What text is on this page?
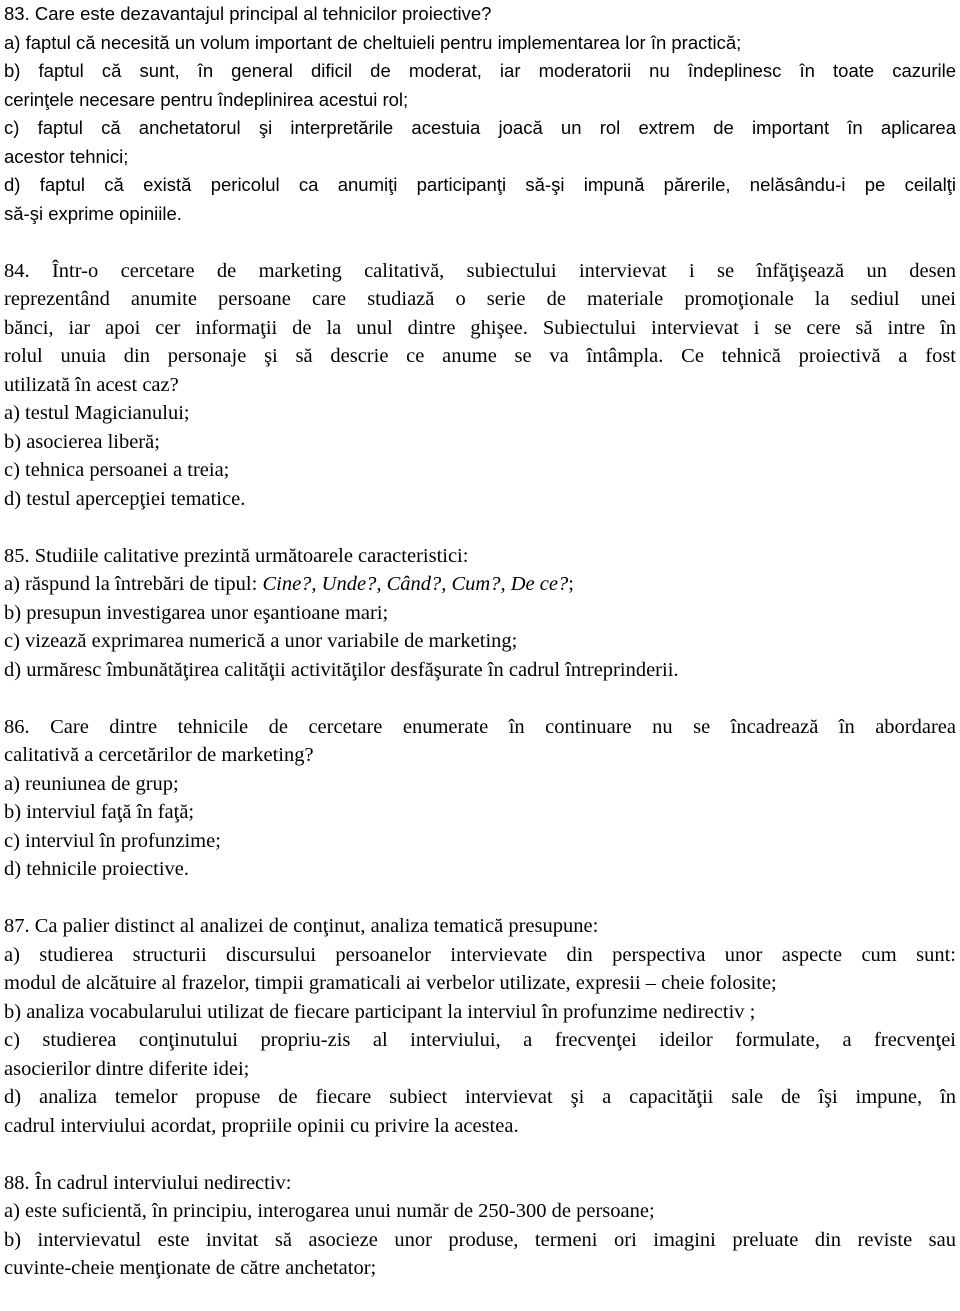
83. Care este dezavantajul principal al tehnicilor proiective?
a) faptul că necesită un volum important de cheltuieli pentru implementarea lor în practică;
b) faptul că sunt, în general dificil de moderat, iar moderatorii nu îndeplinesc în toate cazurile
cerinţele necesare pentru îndeplinirea acestui rol;
c) faptul că anchetatorul şi interpretările acestuia joacă un rol extrem de important în aplicarea
acestor tehnici;
d) faptul că există pericolul ca anumiţi participanţi să-şi impună părerile, nelăsându-i pe ceilalţi
să-şi exprime opiniile.
84. Într-o cercetare de marketing calitativă, subiectului intervievat i se înfăţişează un desen
reprezentând anumite persoane care studiază o serie de materiale promoţionale la sediul unei
bănci, iar apoi cer informaţii de la unul dintre ghişee. Subiectului intervievat i se cere să intre în
rolul unuia din personaje şi să descrie ce anume se va întâmpla. Ce tehnică proiectivă a fost
utilizată în acest caz?
a) testul Magicianului;
b) asocierea liberă;
c) tehnica persoanei a treia;
d) testul apercepţiei tematice.
85. Studiile calitative prezintă următoarele caracteristici:
a) răspund la întrebări de tipul: Cine?, Unde?, Când?, Cum?, De ce?;
b) presupun investigarea unor eşantioane mari;
c) vizează exprimarea numerică a unor variabile de marketing;
d) urmăresc îmbunătăţirea calităţii activităţilor desfăşurate în cadrul întreprinderii.
86. Care dintre tehnicile de cercetare enumerate în continuare nu se încadrează în abordarea
calitativă a cercetărilor de marketing?
a) reuniunea de grup;
b) interviul faţă în faţă;
c) interviul în profunzime;
d) tehnicile proiective.
87. Ca palier distinct al analizei de conţinut, analiza tematică presupune:
a) studierea structurii discursului persoanelor intervievate din perspectiva unor aspecte cum sunt:
modul de alcătuire al frazelor, timpii gramaticali ai verbelor utilizate, expresii – cheie folosite;
b) analiza vocabularului utilizat de fiecare participant la interviul în profunzime nedirectiv ;
c) studierea conţinutului propriu-zis al interviului, a frecvenţei ideilor formulate, a frecvenţei
asocierilor dintre diferite idei;
d) analiza temelor propuse de fiecare subiect intervievat şi a capacităţii sale de îşi impune, în
cadrul interviului acordat, propriile opinii cu privire la acestea.
88. În cadrul interviului nedirectiv:
a) este suficientă, în principiu, interogarea unui număr de 250-300 de persoane;
b) intervievatul este invitat să asocieze unor produse, termeni ori imagini preluate din reviste sau
cuvinte-cheie menţionate de către anchetator;
